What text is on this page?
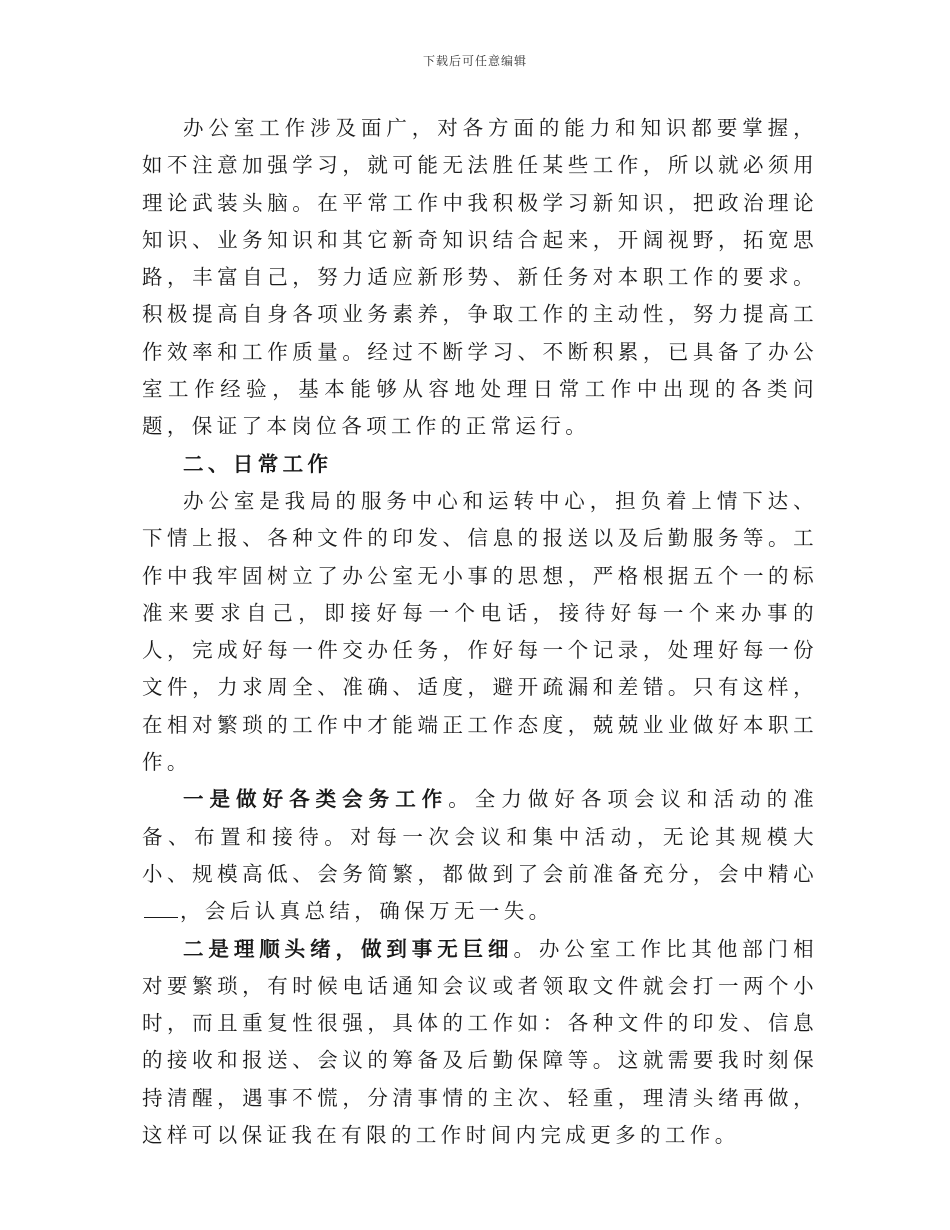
下载后可任意编辑

办公室工作涉及面广，对各方面的能力和知识都要掌握，如不注意加强学习，就可能无法胜任某些工作，所以就必须用理论武装头脑。在平常工作中我积极学习新知识，把政治理论知识、业务知识和其它新奇知识结合起来，开阔视野，拓宽思路，丰富自己，努力适应新形势、新任务对本职工作的要求。积极提高自身各项业务素养，争取工作的主动性，努力提高工作效率和工作质量。经过不断学习、不断积累，已具备了办公室工作经验，基本能够从容地处理日常工作中出现的各类问题，保证了本岗位各项工作的正常运行。

二、日常工作

办公室是我局的服务中心和运转中心，担负着上情下达、下情上报、各种文件的印发、信息的报送以及后勤服务等。工作中我牢固树立了办公室无小事的思想，严格根据五个一的标准来要求自己，即接好每一个电话，接待好每一个来办事的人，完成好每一件交办任务，作好每一个记录，处理好每一份文件，力求周全、准确、适度，避开疏漏和差错。只有这样，在相对繁琐的工作中才能端正工作态度，兢兢业业做好本职工作。

一是做好各类会务工作。全力做好各项会议和活动的准备、布置和接待。对每一次会议和集中活动，无论其规模大小、规模高低、会务简繁，都做到了会前准备充分，会中精心，会后认真总结，确保万无一失。

二是理顺头绪，做到事无巨细。办公室工作比其他部门相对要繁琐，有时候电话通知会议或者领取文件就会打一两个小时，而且重复性很强，具体的工作如：各种文件的印发、信息的接收和报送、会议的筹备及后勤保障等。这就需要我时刻保持清醒，遇事不慌，分清事情的主次、轻重，理清头绪再做，这样可以保证我在有限的工作时间内完成更多的工作。
